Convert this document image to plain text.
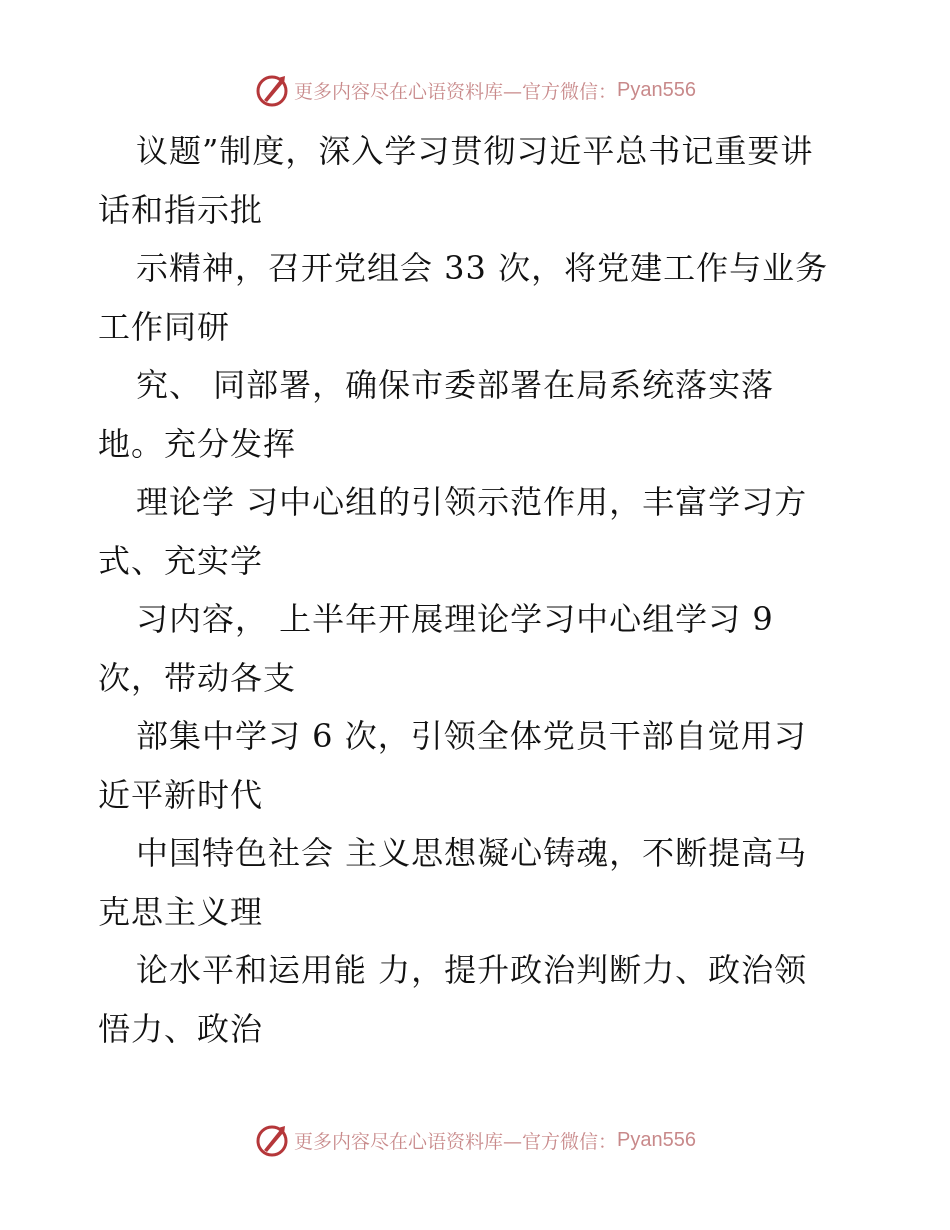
更多内容尽在心语资料库—官方微信： Pyan556
议题”制度，深入学习贯彻习近平总书记重要讲
话和指示批
示精神，召开党组会 33 次，将党建工作与业务
工作同研
究、 同部署，确保市委部署在局系统落实落
地。充分发挥
理论学 习中心组的引领示范作用，丰富学习方
式、充实学
习内容， 上半年开展理论学习中心组学习 9
次，带动各支
部集中学习 6 次，引领全体党员干部自觉用习
近平新时代
中国特色社会 主义思想凝心铸魂，不断提高马
克思主义理
论水平和运用能 力，提升政治判断力、政治领
悟力、政治
更多内容尽在心语资料库—官方微信： Pyan556
